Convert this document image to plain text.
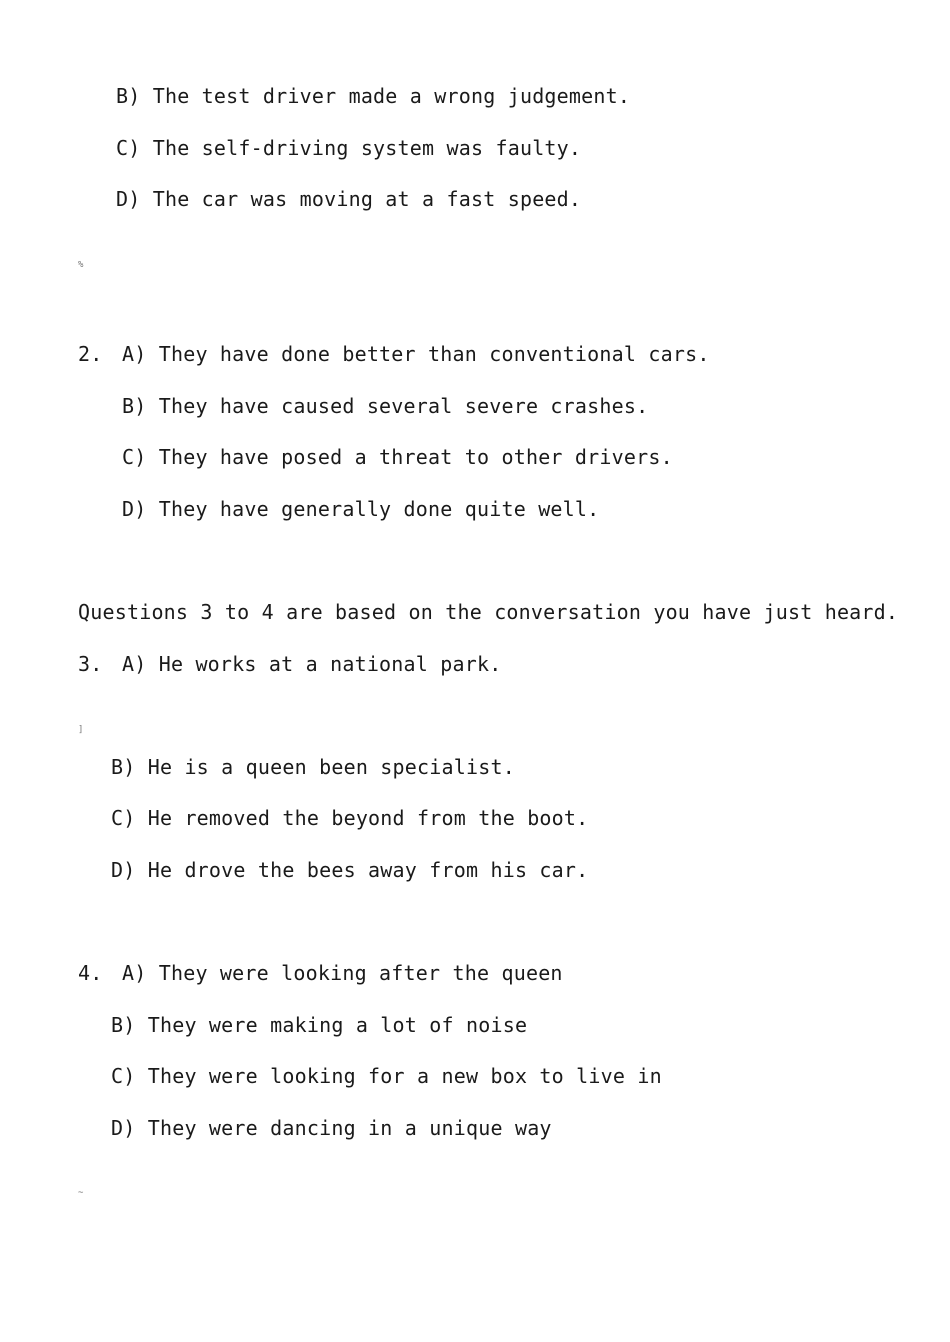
B) The test driver made a wrong judgement.
C) The self-driving system was faulty.
D) The car was moving at a fast speed.
%
2. A) They have done better than conventional cars.
B) They have caused several severe crashes.
C) They have posed a threat to other drivers.
D) They have generally done quite well.
Questions 3 to 4 are based on the conversation you have just heard.
3. A) He works at a national park.
]
B) He is a queen been specialist.
C) He removed the beyond from the boot.
D) He drove the bees away from his car.
4. A) They were looking after the queen
B) They were making a lot of noise
C) They were looking for a new box to live in
D) They were dancing in a unique way
~
